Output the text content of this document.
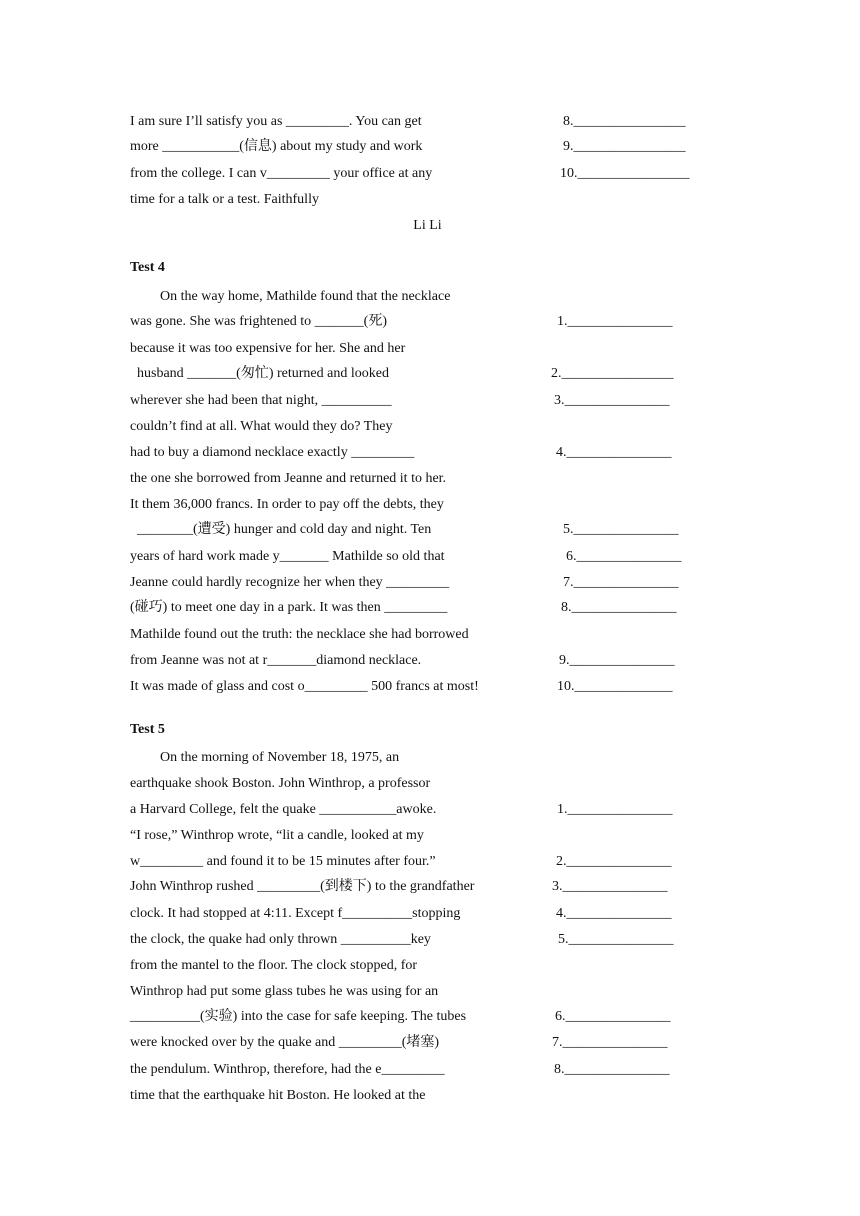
I am sure I’ll satisfy you as _________. You can get
more ___________(信息) about my study and work
from the college. I can v_________ your office at any
time for a talk or a test. Faithfully
8.________________
9.________________
10.________________
Li Li
Test 4
On the way home, Mathilde found that the necklace
was gone. She was frightened to _______(死)
because it was too expensive for her. She and her
husband _______(匆忙) returned and looked
wherever she had been that night, __________
couldn’t find at all. What would they do? They
had to buy a diamond necklace exactly _________
the one she borrowed from Jeanne and returned it to her.
It them 36,000 francs. In order to pay off the debts, they
________(遭受) hunger and cold day and night. Ten
years of hard work made y_______ Mathilde so old that
Jeanne could hardly recognize her when they _________
(碰巧) to meet one day in a park. It was then _________
Mathilde found out the truth: the necklace she had borrowed
from Jeanne was not at r_______diamond necklace.
It was made of glass and cost o_________ 500 francs at most!
1._______________
2.________________
3._______________
4._______________
5._______________
6._______________
7._______________
8._______________
9._______________
10.______________
Test 5
On the morning of November 18, 1975, an
earthquake shook Boston. John Winthrop, a professor
a Harvard College, felt the quake ___________awoke.
“I rose,” Winthrop wrote, “lit a candle, looked at my
w_________ and found it to be 15 minutes after four.”
John Winthrop rushed _________(到楼下) to the grandfather
clock. It had stopped at 4:11. Except f__________stopping
the clock, the quake had only thrown __________key
from the mantel to the floor. The clock stopped, for
Winthrop had put some glass tubes he was using for an
__________(实验) into the case for safe keeping. The tubes
were knocked over by the quake and _________(堵塞)
the pendulum. Winthrop, therefore, had the e_________
time that the earthquake hit Boston. He looked at the
1._______________
2._______________
3._______________
4._______________
5._______________
6._______________
7._______________
8._______________
